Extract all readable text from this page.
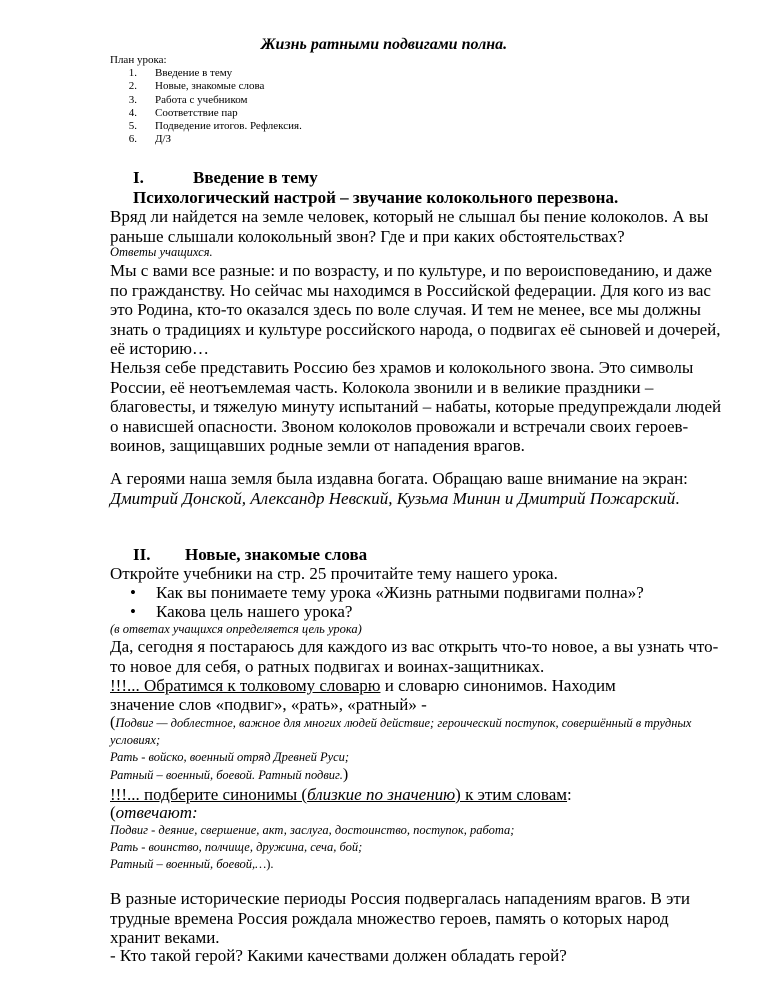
Жизнь ратными подвигами полна.
План урока:
1.	Введение в тему
2.	Новые, знакомые слова
3.	Работа с учебником
4.	Соответствие пар
5.	Подведение итогов. Рефлексия.
6.	Д/З
I.	Введение в тему
Психологический настрой – звучание колокольного перезвона.
Вряд ли найдется на земле человек, который не слышал бы пение колоколов. А вы раньше слышали колокольный звон? Где и при каких обстоятельствах?
Ответы учащихся.
Мы с вами все разные: и по возрасту, и по культуре, и по вероисповеданию, и даже по гражданству. Но сейчас мы находимся в Российской федерации. Для кого из вас это Родина, кто-то оказался здесь по воле случая. И тем не менее, все мы должны знать о традициях и культуре российского народа, о подвигах её сыновей и дочерей, её историю…
Нельзя себе представить Россию без храмов и колокольного звона. Это символы России, её неотъемлемая часть. Колокола звонили и в великие праздники – благовесты, и тяжелую минуту испытаний – набаты, которые предупреждали людей о нависшей опасности. Звоном колоколов провожали и встречали своих героев-воинов, защищавших родные земли от нападения врагов.
А героями наша земля была издавна богата. Обращаю ваше внимание на экран: Дмитрий Донской, Александр Невский, Кузьма Минин и Дмитрий Пожарский.
II. Новые, знакомые слова
Откройте учебники на стр. 25 прочитайте тему нашего урока.
• Как вы понимаете тему урока «Жизнь ратными подвигами полна»?
• Какова цель нашего урока?
(в ответах учащихся определяется цель урока)
Да, сегодня я постараюсь для каждого из вас открыть что-то новое, а вы узнать что-то новое для себя, о ратных подвигах и воинах-защитниках.
!!!... Обратимся к толковому словарю и словарю синонимов. Находим
значение слов «подвиг», «рать», «ратный» -
(Подвиг — доблестное, важное для многих людей действие; героический поступок, совершённый в трудных условиях;
Рать - войско, военный отряд Древней Руси;
Ратный – военный, боевой. Ратный подвиг.)
!!!... подберите синонимы (близкие по значению) к этим словам:
(отвечают:
Подвиг - деяние, свершение, акт, заслуга, достоинство, поступок, работа;
Рать - воинство, полчище, дружина, сеча, бой;
Ратный – военный, боевой,…).
В разные исторические периоды Россия подвергалась нападениям врагов. В эти трудные времена Россия рождала множество героев, память о которых народ хранит веками.
- Кто такой герой? Какими качествами должен обладать герой?
